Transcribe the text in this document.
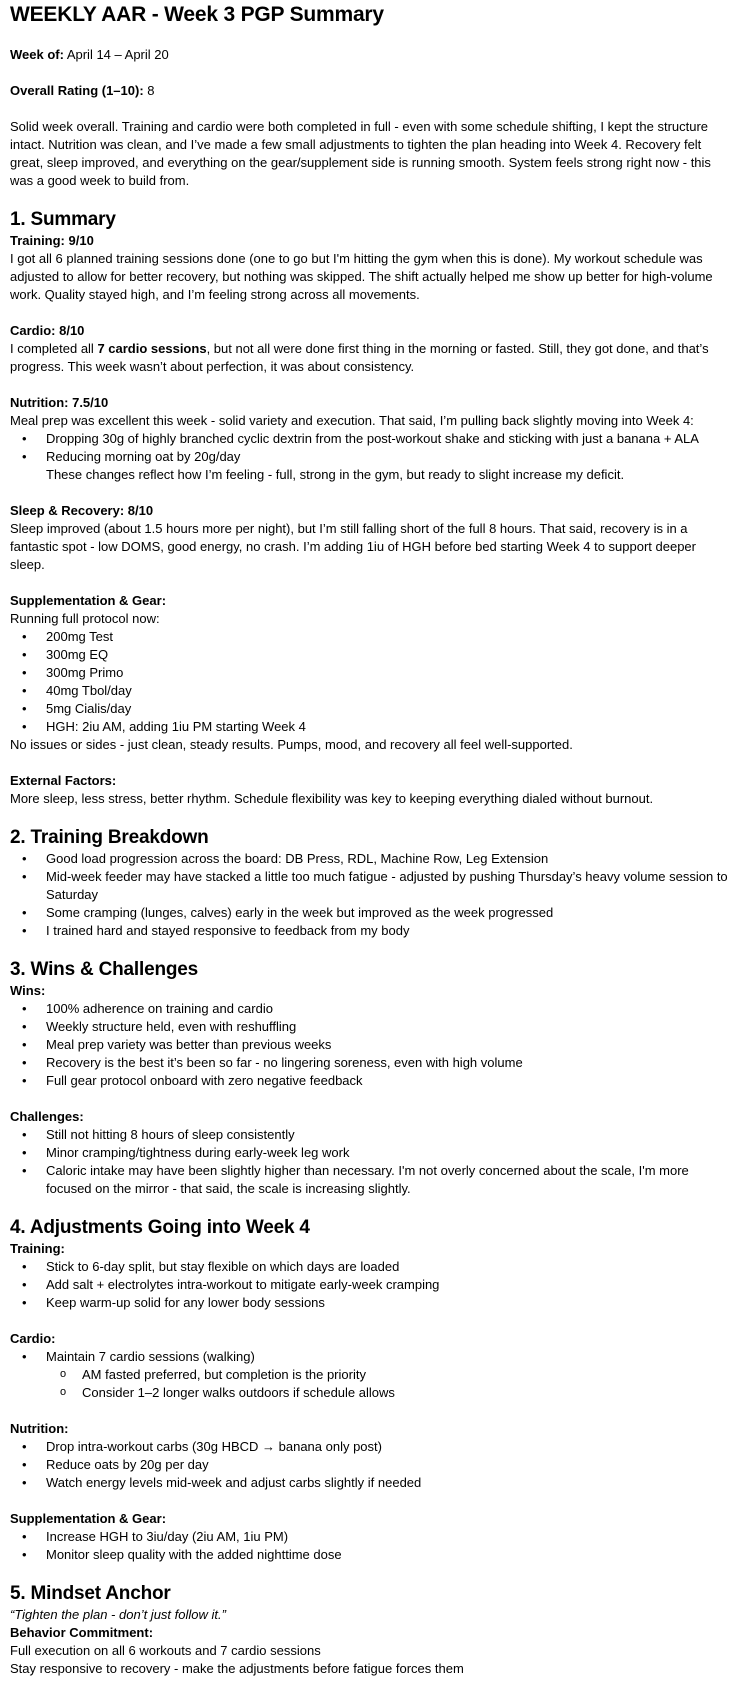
WEEKLY AAR - Week 3 PGP Summary

Week of: April 14 – April 20

Overall Rating (1–10): 8

Solid week overall. Training and cardio were both completed in full - even with some schedule shifting, I kept the structure intact. Nutrition was clean, and I’ve made a few small adjustments to tighten the plan heading into Week 4. Recovery felt great, sleep improved, and everything on the gear/supplement side is running smooth. System feels strong right now - this was a good week to build from.

1. Summary

Training: 9/10

I got all 6 planned training sessions done (one to go but I'm hitting the gym when this is done). My workout schedule was adjusted to allow for better recovery, but nothing was skipped. The shift actually helped me show up better for high-volume work. Quality stayed high, and I’m feeling strong across all movements.

Cardio: 8/10

I completed all 7 cardio sessions, but not all were done first thing in the morning or fasted. Still, they got done, and that’s progress. This week wasn’t about perfection, it was about consistency.

Nutrition: 7.5/10

Meal prep was excellent this week - solid variety and execution. That said, I’m pulling back slightly moving into Week 4:

• Dropping 30g of highly branched cyclic dextrin from the post-workout shake and sticking with just a banana + ALA
• Reducing morning oat by 20g/day

These changes reflect how I’m feeling - full, strong in the gym, but ready to slight increase my deficit.

Sleep & Recovery: 8/10

Sleep improved (about 1.5 hours more per night), but I’m still falling short of the full 8 hours. That said, recovery is in a fantastic spot - low DOMS, good energy, no crash. I’m adding 1iu of HGH before bed starting Week 4 to support deeper sleep.

Supplementation & Gear:

Running full protocol now:

• 200mg Test
• 300mg EQ
• 300mg Primo
• 40mg Tbol/day
• 5mg Cialis/day
• HGH: 2iu AM, adding 1iu PM starting Week 4

No issues or sides - just clean, steady results. Pumps, mood, and recovery all feel well-supported.

External Factors:

More sleep, less stress, better rhythm. Schedule flexibility was key to keeping everything dialed without burnout.

2. Training Breakdown
• Good load progression across the board: DB Press, RDL, Machine Row, Leg Extension
• Mid-week feeder may have stacked a little too much fatigue - adjusted by pushing Thursday’s heavy volume session to Saturday
• Some cramping (lunges, calves) early in the week but improved as the week progressed
• I trained hard and stayed responsive to feedback from my body
3. Wins & Challenges

Wins:

• 100% adherence on training and cardio
• Weekly structure held, even with reshuffling
• Meal prep variety was better than previous weeks
• Recovery is the best it’s been so far - no lingering soreness, even with high volume
• Full gear protocol onboard with zero negative feedback

Challenges:

• Still not hitting 8 hours of sleep consistently
• Minor cramping/tightness during early-week leg work
• Caloric intake may have been slightly higher than necessary. I'm not overly concerned about the scale, I'm more focused on the mirror - that said, the scale is increasing slightly.
4. Adjustments Going into Week 4

Training:

• Stick to 6-day split, but stay flexible on which days are loaded
• Add salt + electrolytes intra-workout to mitigate early-week cramping
• Keep warm-up solid for any lower body sessions

Cardio:

• Maintain 7 cardio sessions (walking)
o AM fasted preferred, but completion is the priority
o Consider 1–2 longer walks outdoors if schedule allows

Nutrition:

• Drop intra-workout carbs (30g HBCD → banana only post)
• Reduce oats by 20g per day
• Watch energy levels mid-week and adjust carbs slightly if needed

Supplementation & Gear:

• Increase HGH to 3iu/day (2iu AM, 1iu PM)
• Monitor sleep quality with the added nighttime dose
5. Mindset Anchor

“Tighten the plan - don’t just follow it.”

Behavior Commitment:

Full execution on all 6 workouts and 7 cardio sessions

Stay responsive to recovery - make the adjustments before fatigue forces them
